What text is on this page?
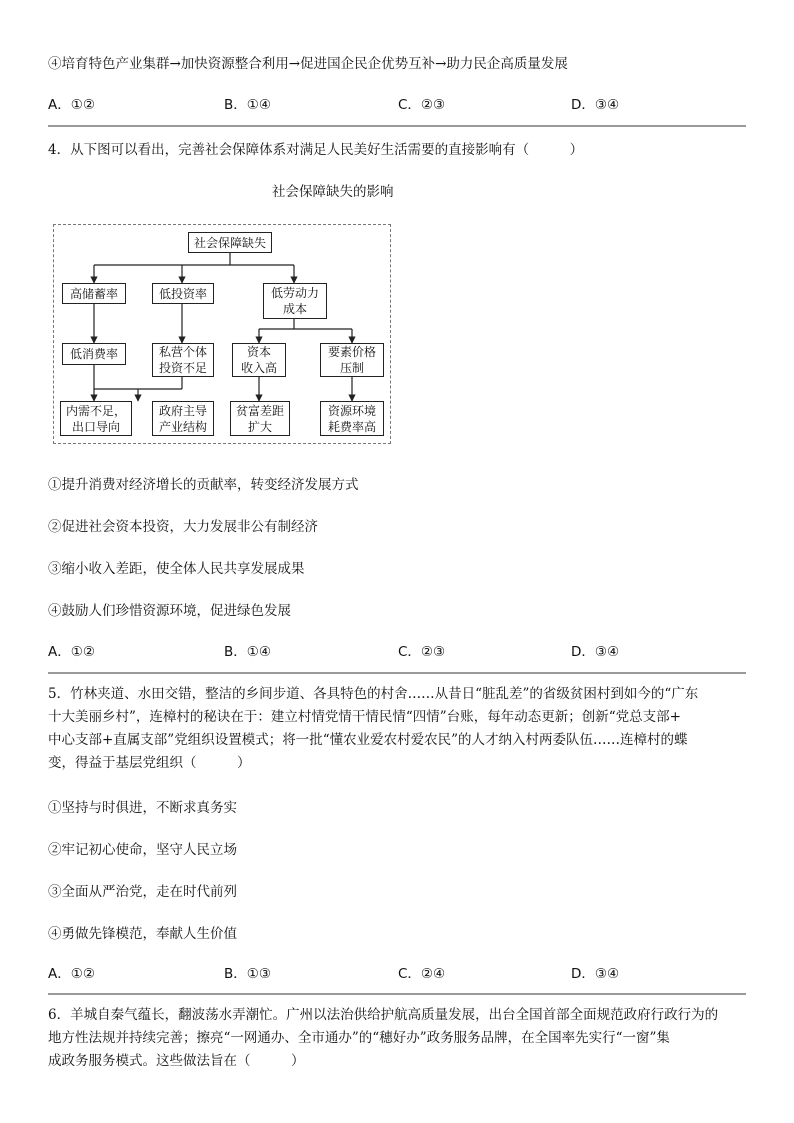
④培育特色产业集群→加快资源整合利用→促进国企民企优势互补→助力民企高质量发展
A．①②	B．①④	C．②③	D．③④
4．从下图可以看出，完善社会保障体系对满足人民美好生活需要的直接影响有（　　　）
社会保障缺失的影响
社会保障缺失
高储蓄率	低投资率	低劳动力
成本
低消费率	私营个体
投资不足
资本
收入高
要素价格
压制
内需不足，
出口导向
政府主导
产业结构
贫富差距
扩大
资源环境
耗费率高
①提升消费对经济增长的贡献率，转变经济发展方式
②促进社会资本投资，大力发展非公有制经济
③缩小收入差距，使全体人民共享发展成果
④鼓励人们珍惜资源环境，促进绿色发展
A．①②	B．①④	C．②③	D．③④
5．竹林夹道、水田交错，整洁的乡间步道、各具特色的村舍……从昔日“脏乱差”的省级贫困村到如今的“广东
十大美丽乡村”，连樟村的秘诀在于：建立村情党情干情民情“四情”台账，每年动态更新；创新“党总支部+
中心支部+直属支部”党组织设置模式；将一批“懂农业爱农村爱农民”的人才纳入村两委队伍……连樟村的蝶
变，得益于基层党组织（　　　）
①坚持与时俱进，不断求真务实
②牢记初心使命，坚守人民立场
③全面从严治党，走在时代前列
④勇做先锋模范，奉献人生价值
A．①②	B．①③	C．②④	D．③④
6．羊城自秦气蕴长，翻波荡水弄潮忙。广州以法治供给护航高质量发展，出台全国首部全面规范政府行政行为的
地方性法规并持续完善；擦亮“一网通办、全市通办”的“穗好办”政务服务品牌，在全国率先实行“一窗”集
成政务服务模式。这些做法旨在（　　　）
